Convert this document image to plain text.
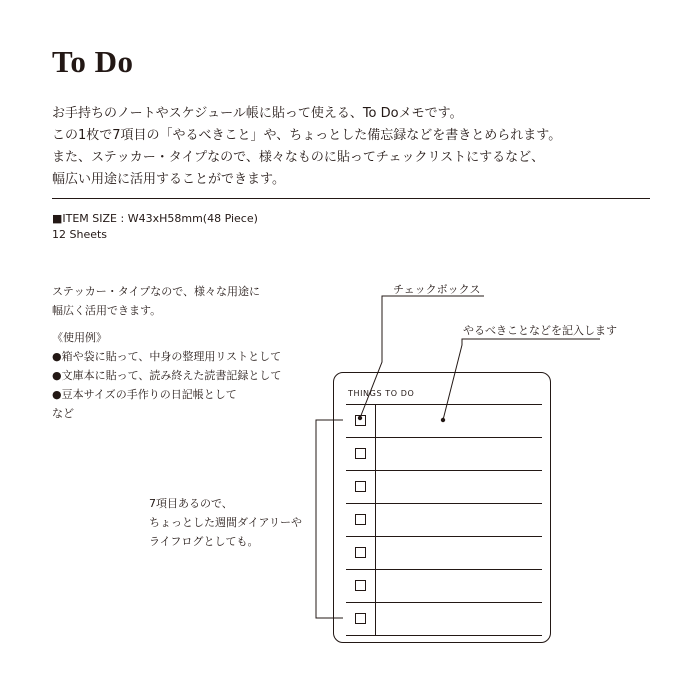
To Do

お手持ちのノートやスケジュール帳に貼って使える、To Doメモです。
この1枚で7項目の「やるべきこと」や、ちょっとした備忘録などを書きとめられます。
また、ステッカー・タイプなので、様々なものに貼ってチェックリストにするなど、
幅広い用途に活用することができます。

■ITEM SIZE : W43xH58mm(48 Piece)
12 Sheets
ステッカー・タイプなので、様々な用途に
幅広く活用できます。
《使用例》
●箱や袋に貼って、中身の整理用リストとして
●文庫本に貼って、読み終えた読書記録として
●豆本サイズの手作りの日記帳として
など
チェックボックス
やるべきことなどを記入します
7項目あるので、
ちょっとした週間ダイアリーや
ライフログとしても。
THINGS TO DO
